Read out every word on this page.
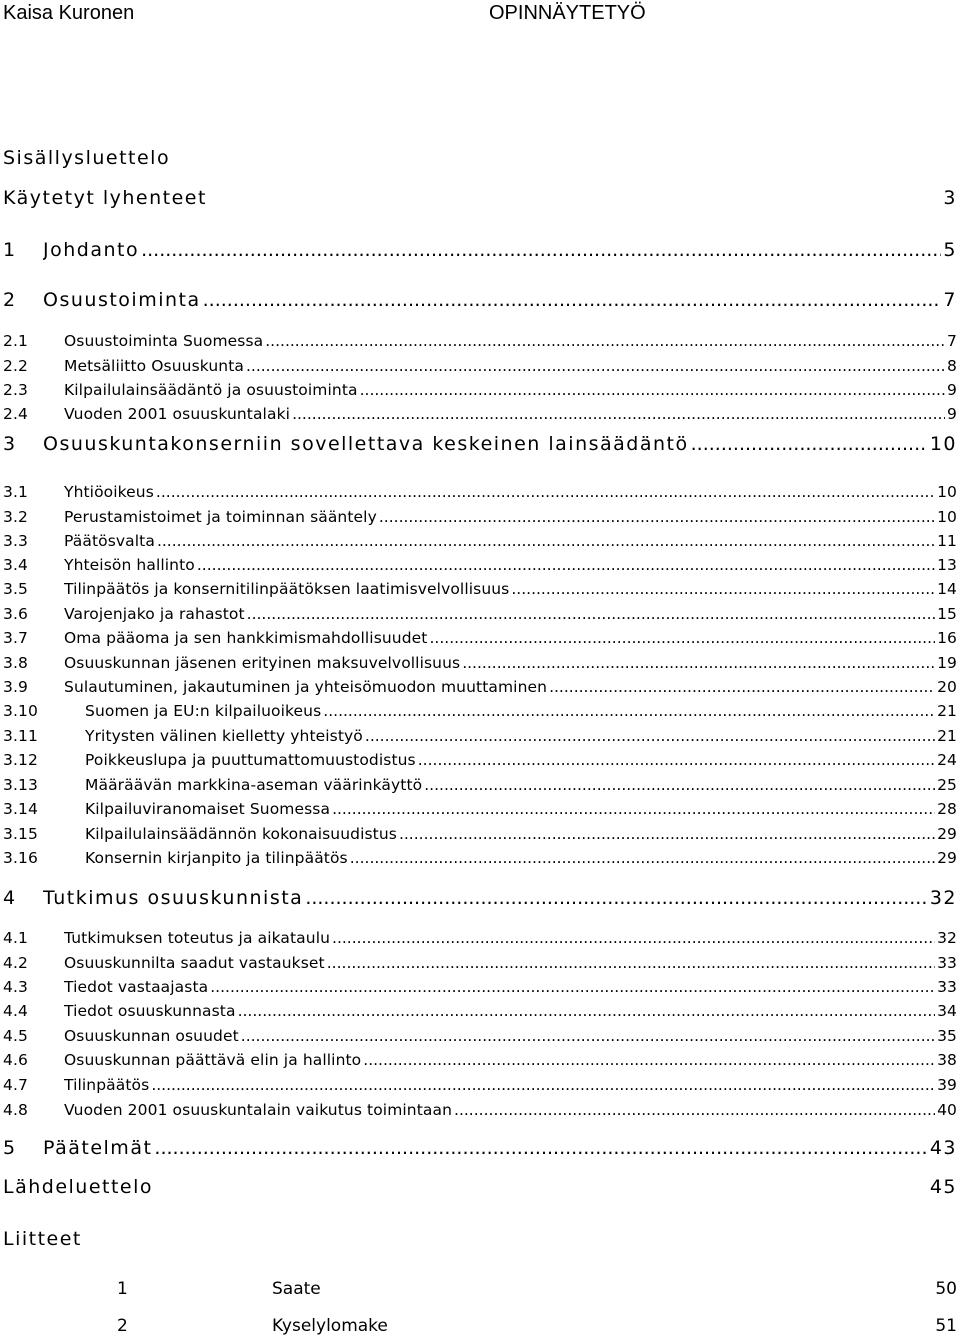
Kaisa Kuronen	OPINNÄYTETYÖ
Sisällysluettelo
Käytetyt lyhenteet	3
1 Johdanto .....	5
2 Osuustoiminta .....	7
2.1 Osuustoiminta Suomessa .....	7
2.2 Metsäliitto Osuuskunta .....	8
2.3 Kilpailulainsäädäntö ja osuustoiminta .....	9
2.4 Vuoden 2001 osuuskuntalaki .....	9
3 Osuuskuntakonserniin sovellettava keskeinen lainsäädäntö .....	10
3.1 Yhtiöoikeus .....	10
3.2 Perustamistoimet ja toiminnan sääntely .....	10
3.3 Päätösvalta .....	11
3.4 Yhteisön hallinto .....	13
3.5 Tilinpäätös ja konsernitilinpäätöksen laatimisvelvollisuus .....	14
3.6 Varojenjako ja rahastot .....	15
3.7 Oma pääoma ja sen hankkimismahdollisuudet .....	16
3.8 Osuuskunnan jäsenen erityinen maksuvelvollisuus .....	19
3.9 Sulautuminen, jakautuminen ja yhteisömuodon muuttaminen .....	20
3.10	Suomen ja EU:n kilpailuoikeus .....	21
3.11	Yritysten välinen kielletty yhteistyö .....	21
3.12	Poikkeuslupa ja puuttumattomuustodistus .....	24
3.13	Määräävän markkina-aseman väärinkäyttö .....	25
3.14	Kilpailuviranomaiset Suomessa .....	28
3.15	Kilpailulainsäädännön kokonaisuudistus .....	29
3.16	Konsernin kirjanpito ja tilinpäätös .....	29
4 Tutkimus osuuskunnista .....	32
4.1 Tutkimuksen toteutus ja aikataulu .....	32
4.2 Osuuskunnilta saadut vastaukset .....	33
4.3 Tiedot vastaajasta .....	33
4.4 Tiedot osuuskunnasta .....	34
4.5 Osuuskunnan osuudet .....	35
4.6 Osuuskunnan päättävä elin ja hallinto .....	38
4.7 Tilinpäätös .....	39
4.8 Vuoden 2001 osuuskuntalain vaikutus toimintaan .....	40
5 Päätelmät .....	43
Lähdeluettelo	45
Liitteet
1	Saate	50
2	Kyselylomake	51
